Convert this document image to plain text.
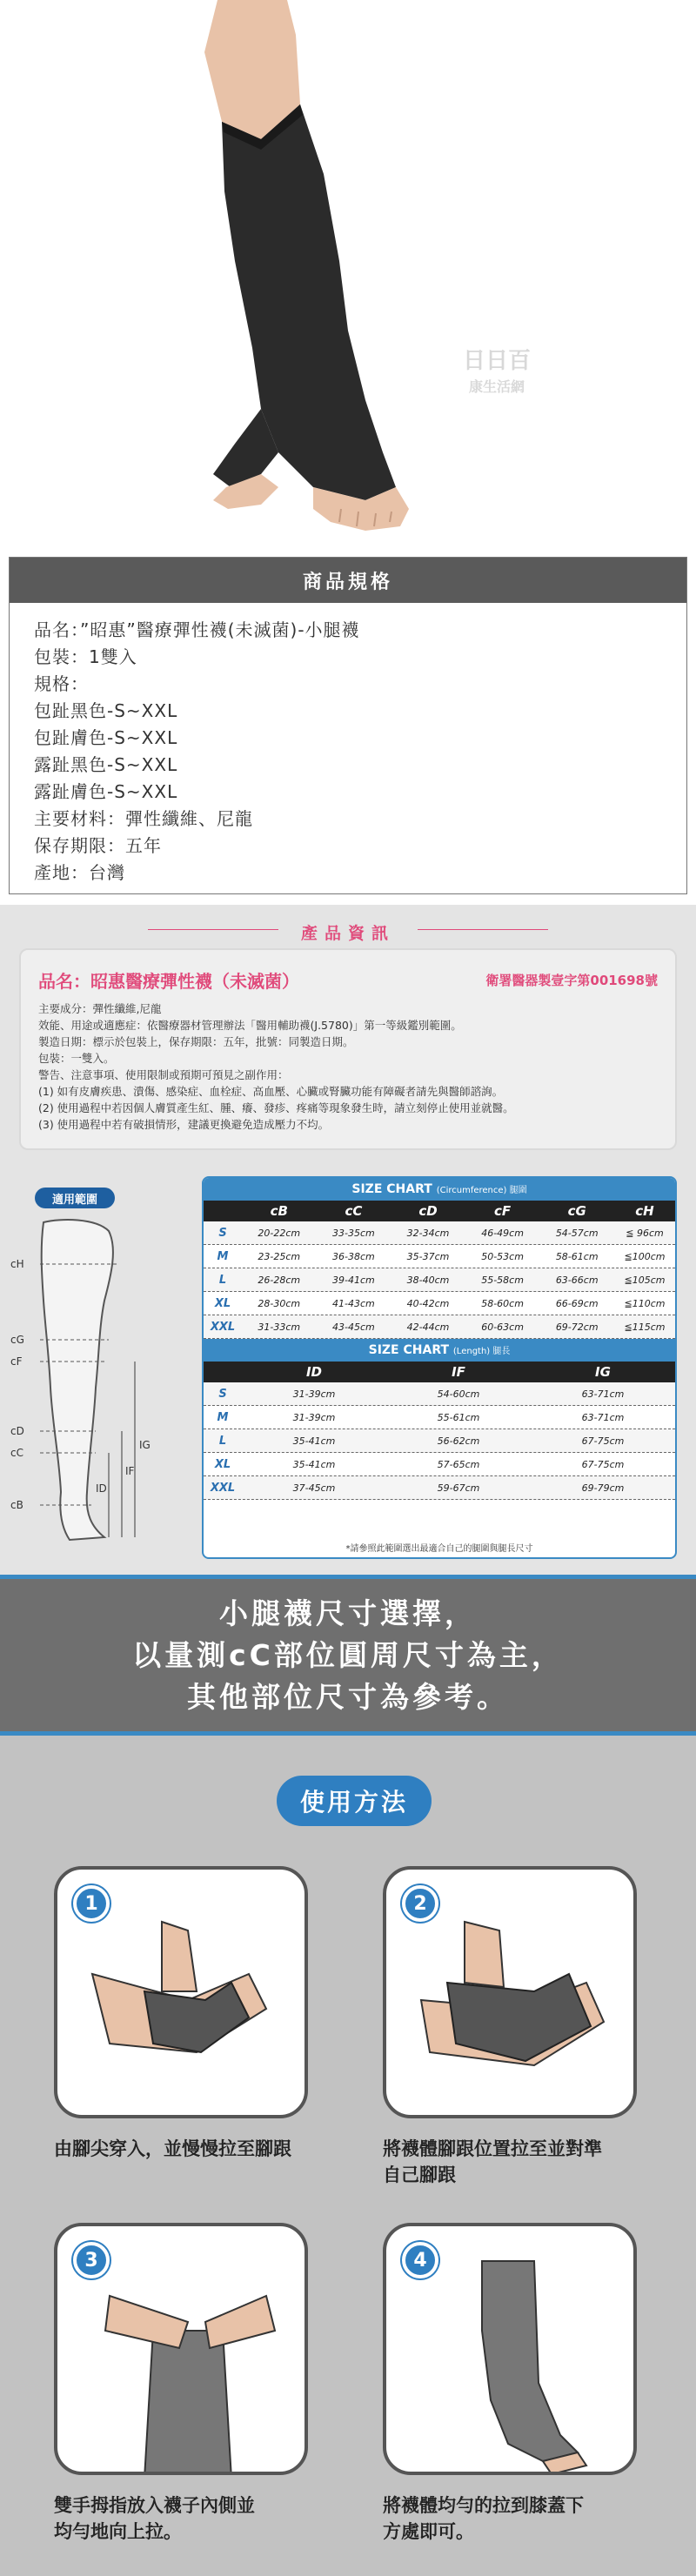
日日百
康生活網
商品規格
品名：”昭惠”醫療彈性襪(未滅菌)-小腿襪
包裝：1雙入
規格：
包趾黑色-S~XXL
包趾膚色-S~XXL
露趾黑色-S~XXL
露趾膚色-S~XXL
主要材料：彈性纖維、尼龍
保存期限：五年
產地：台灣
產品資訊
品名：昭惠醫療彈性襪（未滅菌）	衛署醫器製壹字第001698號
主要成分：彈性纖維,尼龍
效能、用途或適應症：依醫療器材管理辦法「醫用輔助襪(J.5780)」第一等級鑑別範圍。
製造日期：標示於包裝上，保存期限：五年，批號：同製造日期。
包裝：一雙入。
警告、注意事項、使用限制或預期可預見之副作用：
(1) 如有皮膚疾患、潰傷、感染症、血栓症、高血壓、心臟或腎臟功能有障礙者請先與醫師諮詢。
(2) 使用過程中若因個人膚質產生紅、腫、癢、發疹、疼痛等現象發生時，請立刻停止使用並就醫。
(3) 使用過程中若有破損情形，建議更換避免造成壓力不均。
適用範圍
cH
cG
cF
cD
cC
cB
IG
IF
ID
SIZE CHART (Circumference) 腿圍
cB	cC	cD	cF	cG	cH
S	20-22cm	33-35cm	32-34cm	46-49cm	54-57cm	≦ 96cm
M	23-25cm	36-38cm	35-37cm	50-53cm	58-61cm	≦100cm
L	26-28cm	39-41cm	38-40cm	55-58cm	63-66cm	≦105cm
XL	28-30cm	41-43cm	40-42cm	58-60cm	66-69cm	≦110cm
XXL	31-33cm	43-45cm	42-44cm	60-63cm	69-72cm	≦115cm
SIZE CHART (Length) 腿長
ID	IF	IG
S	31-39cm	54-60cm	63-71cm
M	31-39cm	55-61cm	63-71cm
L	35-41cm	56-62cm	67-75cm
XL	35-41cm	57-65cm	67-75cm
XXL	37-45cm	59-67cm	69-79cm
*請參照此範圍選出最適合自己的腿圍與腿長尺寸
小腿襪尺寸選擇，
以量測cC部位圓周尺寸為主，
其他部位尺寸為參考。
使用方法
1
由腳尖穿入，並慢慢拉至腳跟
2
將襪體腳跟位置拉至並對準
自己腳跟
3
雙手拇指放入襪子內側並
均勻地向上拉。
4
將襪體均勻的拉到膝蓋下
方處即可。
